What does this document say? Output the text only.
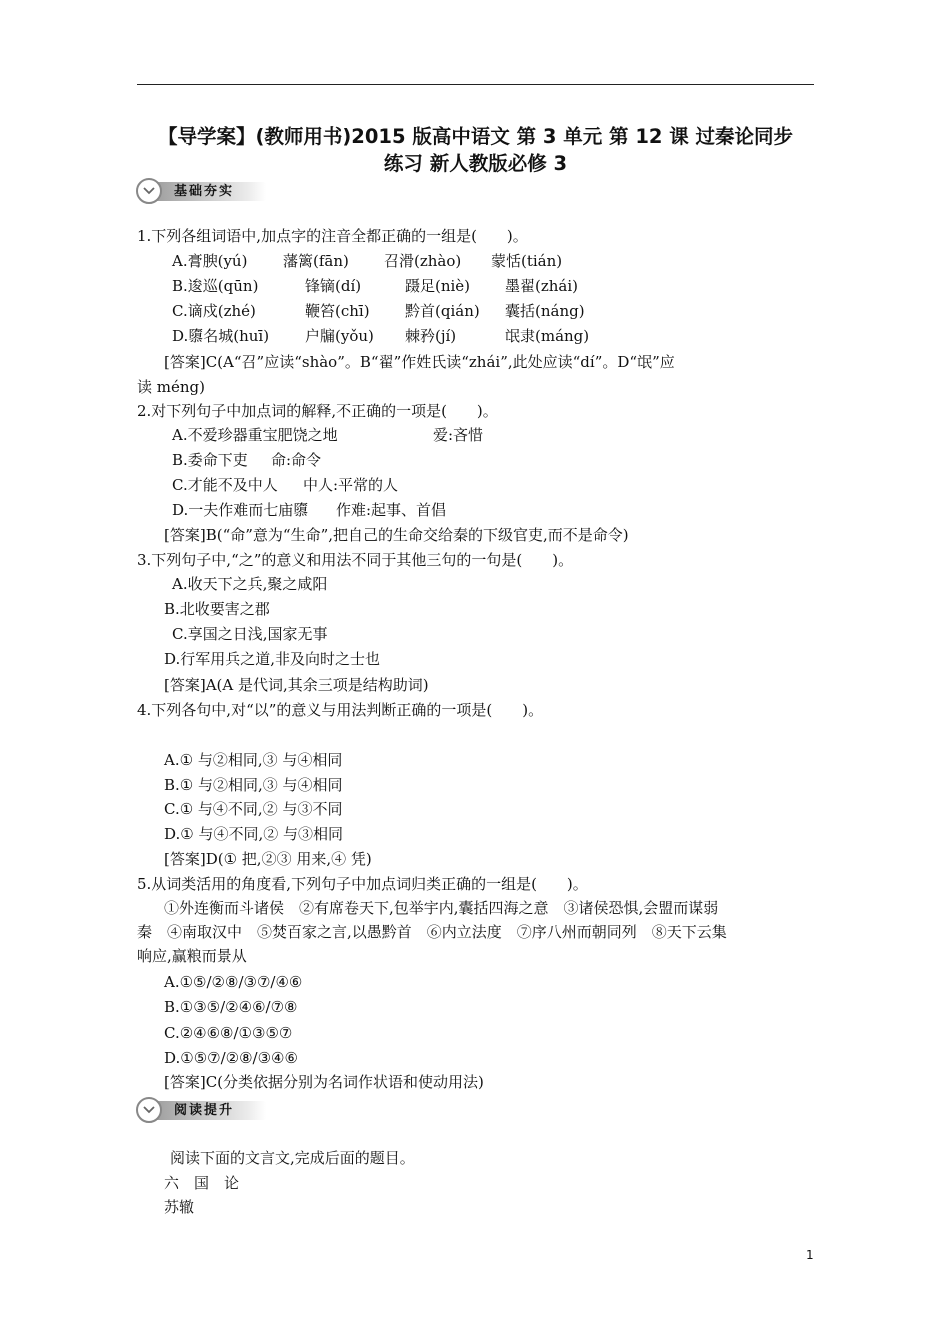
【导学案】(教师用书)2015 版高中语文 第 3 单元 第 12 课 过秦论同步
练习 新人教版必修 3
基础夯实
1.下列各组词语中,加点字的注音全都正确的一组是(　　)。
A.膏腴(yú) 藩篱(fān) 召滑(zhào) 蒙恬(tián)
B.逡巡(qūn)	锋镝(dí)	蹑足(niè) 墨翟(zhái)
C.谪戍(zhé)	鞭笞(chī) 黔首(qián) 囊括(náng)
D.隳名城(huī) 户牖(yǒu) 棘矜(jí)	氓隶(máng)
[答案]C(A“召”应读“shào”。B“翟”作姓氏读“zhái”,此处应读“dí”。D“氓”应
读 méng)
2.对下列句子中加点词的解释,不正确的一项是(　　)。
A.不爱珍器重宝肥饶之地	爱:吝惜
B.委命下吏 命:命令
C.才能不及中人 中人:平常的人
D.一夫作难而七庙隳 作难:起事、首倡
[答案]B(“命”意为“生命”,把自己的生命交给秦的下级官吏,而不是命令)
3.下列句子中,“之”的意义和用法不同于其他三句的一句是(　　)。
A.收天下之兵,聚之咸阳
B.北收要害之郡
C.享国之日浅,国家无事
D.行军用兵之道,非及向时之士也
[答案]A(A 是代词,其余三项是结构助词)
4.下列各句中,对“以”的意义与用法判断正确的一项是(　　)。
A.① 与②相同,③ 与④相同
B.① 与②相同,③ 与④相同
C.① 与④不同,② 与③不同
D.① 与④不同,② 与③相同
[答案]D(① 把,②③ 用来,④ 凭)
5.从词类活用的角度看,下列句子中加点词归类正确的一组是(　　)。
①外连衡而斗诸侯　②有席卷天下,包举宇内,囊括四海之意　③诸侯恐惧,会盟而谋弱
秦　④南取汉中　⑤焚百家之言,以愚黔首　⑥内立法度　⑦序八州而朝同列　⑧天下云集
响应,赢粮而景从
A.①⑤/②⑧/③⑦/④⑥
B.①③⑤/②④⑥/⑦⑧
C.②④⑥⑧/①③⑤⑦
D.①⑤⑦/②⑧/③④⑥
[答案]C(分类依据分别为名词作状语和使动用法)
阅读提升
阅读下面的文言文,完成后面的题目。
六　国　论
苏辙
1
